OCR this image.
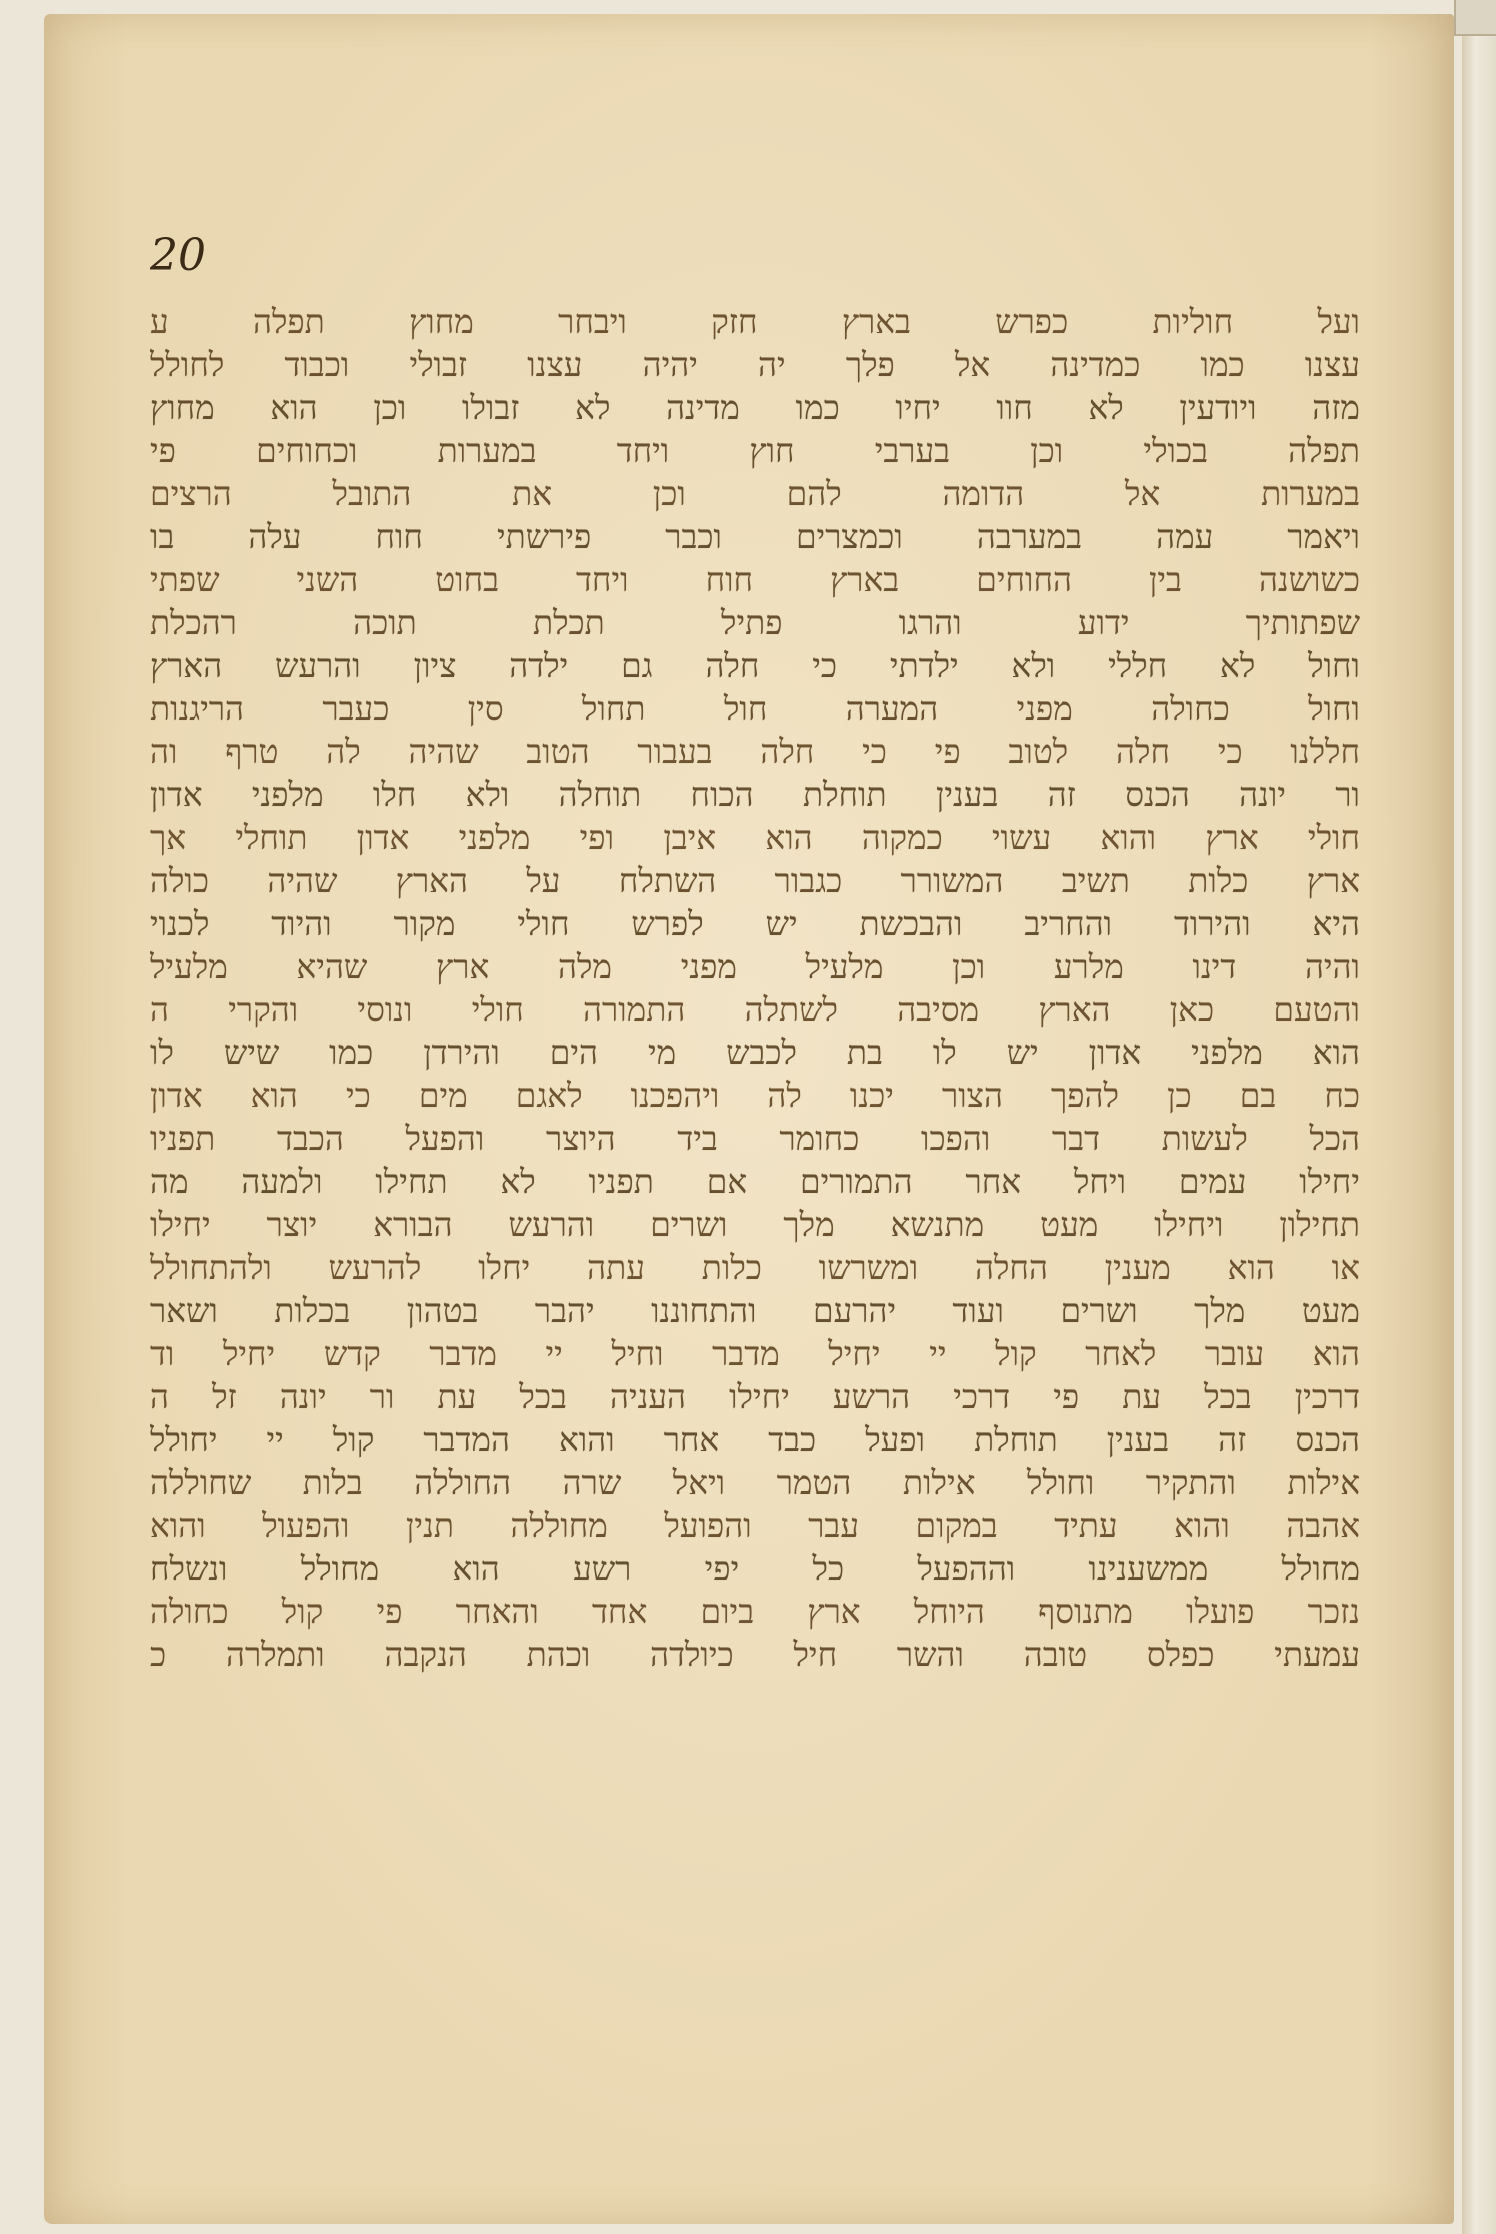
20
ועל חוליות כפרש בארץ חזק ויבחר מחוץ תפלה ע
עצנו כמו כמדינה אל פלך יה יהיה עצנו זבולי וכבוד לחולל
מזה ויודעין לא חוו יחיו כמו מדינה לא זבולו וכן הוא מחוץ
תפלה בכולי וכן בערבי חוץ ויחד במערות וכחוחים פי
במערות אל הדומה להם וכן את התובל הרצים
ויאמר עמה במערבה וכמצרים וכבר פירשתי חוח עלה בו
כשושנה בין החוחים בארץ חוח ויחד בחוט השני שפתי
שפתותיך ידוע והרגו פתיל תכלת תוכה רהכלת
וחול לא חללי ולא ילדתי כי חלה גם ילדה ציון והרעש הארץ
וחול כחולה מפני המערה חול תחול סין כעבר הריגנות
חללנו כי חלה לטוב פי כי חלה בעבור הטוב שהיה לה טרף וה
ור יונה הכנס זה בענין תוחלת הכוח תוחלה ולא חלו מלפני אדון
חולי ארץ והוא עשוי כמקוה הוא איבן ופי מלפני אדון תוחלי אך
ארץ כלות תשיב המשורר כגבור השתלח על הארץ שהיה כולה
היא והירוד והחריב והבכשת יש לפרש חולי מקור והיוד לכנוי
והיה דינו מלרע וכן מלעיל מפני מלה ארץ שהיא מלעיל
והטעם כאן הארץ מסיבה לשתלה התמורה חולי ונוסי והקרי ה
הוא מלפני אדון יש לו בת לכבש מי הים והירדן כמו שיש לו
כח בם כן להפך הצור יכנו לה ויהפכנו לאגם מים כי הוא אדון
הכל לעשות דבר והפכו כחומר ביד היוצר והפעל הכבד תפניו
יחילו עמים ויחל אחר התמורים אם תפניו לא תחילו ולמעה מה
תחילון ויחילו מעט מתנשא מלך ושרים והרעש הבורא יוצר יחילו
או הוא מענין החלה ומשרשו כלות עתה יחלו להרעש ולהתחולל
מעט מלך ושרים ועוד יהרעם והתחוננו יהבר בטהון בכלות ושאר
הוא עובר לאחר קול יי יחיל מדבר וחיל יי מדבר קדש יחיל וד
דרכין בכל עת פי דרכי הרשע יחילו העניה בכל עת ור יונה זל ה
הכנס זה בענין תוחלת ופעל כבד אחר והוא המדבר קול יי יחולל
אילות והתקיר וחולל אילות הטמר ויאל שרה החוללה בלות שחוללה
אהבה והוא עתיד במקום עבר והפועל מחוללה תנין והפעול והוא
מחולל ממשענינו וההפעל כל יפי רשע הוא מחולל ונשלח
נזכר פועלו מתנוסף היוחל ארץ ביום אחד והאחר פי קול כחולה
עמעתי כפלס טובה והשר חיל כיולדה וכהת הנקבה ותמלרה כ
